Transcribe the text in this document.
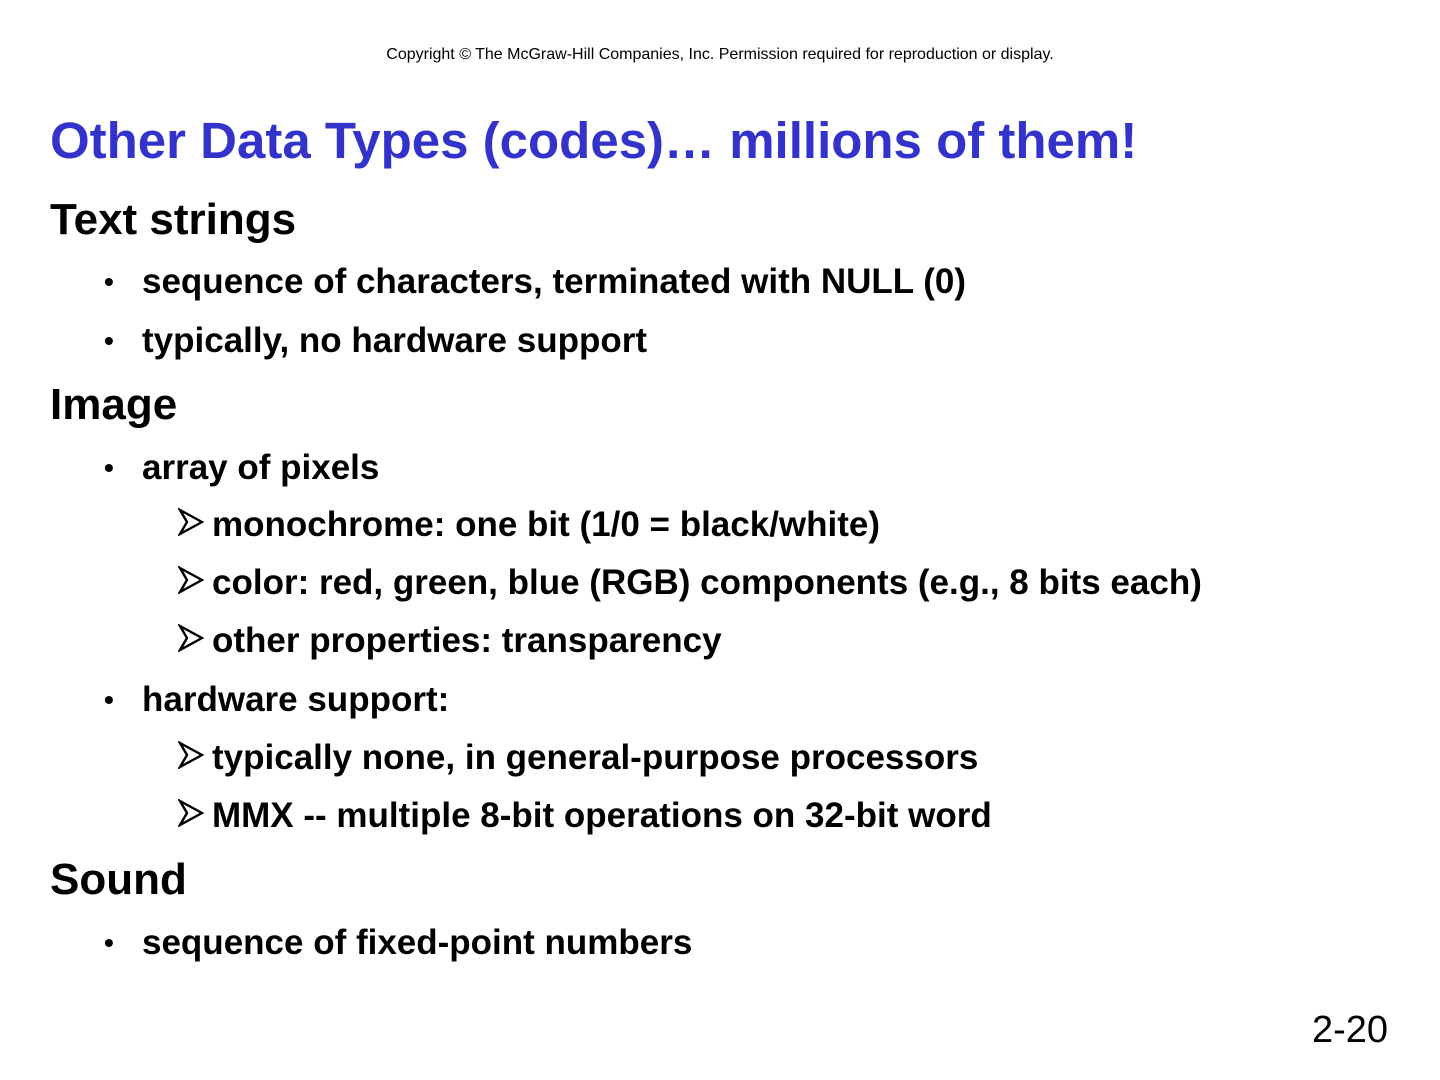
Copyright © The McGraw-Hill Companies, Inc. Permission required for reproduction or display.
Other Data Types (codes)… millions of them!
Text strings
• sequence of characters, terminated with NULL (0)
• typically, no hardware support
Image
• array of pixels
monochrome: one bit (1/0 = black/white)
color: red, green, blue (RGB) components (e.g., 8 bits each)
other properties: transparency
• hardware support:
typically none, in general-purpose processors
MMX -- multiple 8-bit operations on 32-bit word
Sound
• sequence of fixed-point numbers
2-20
